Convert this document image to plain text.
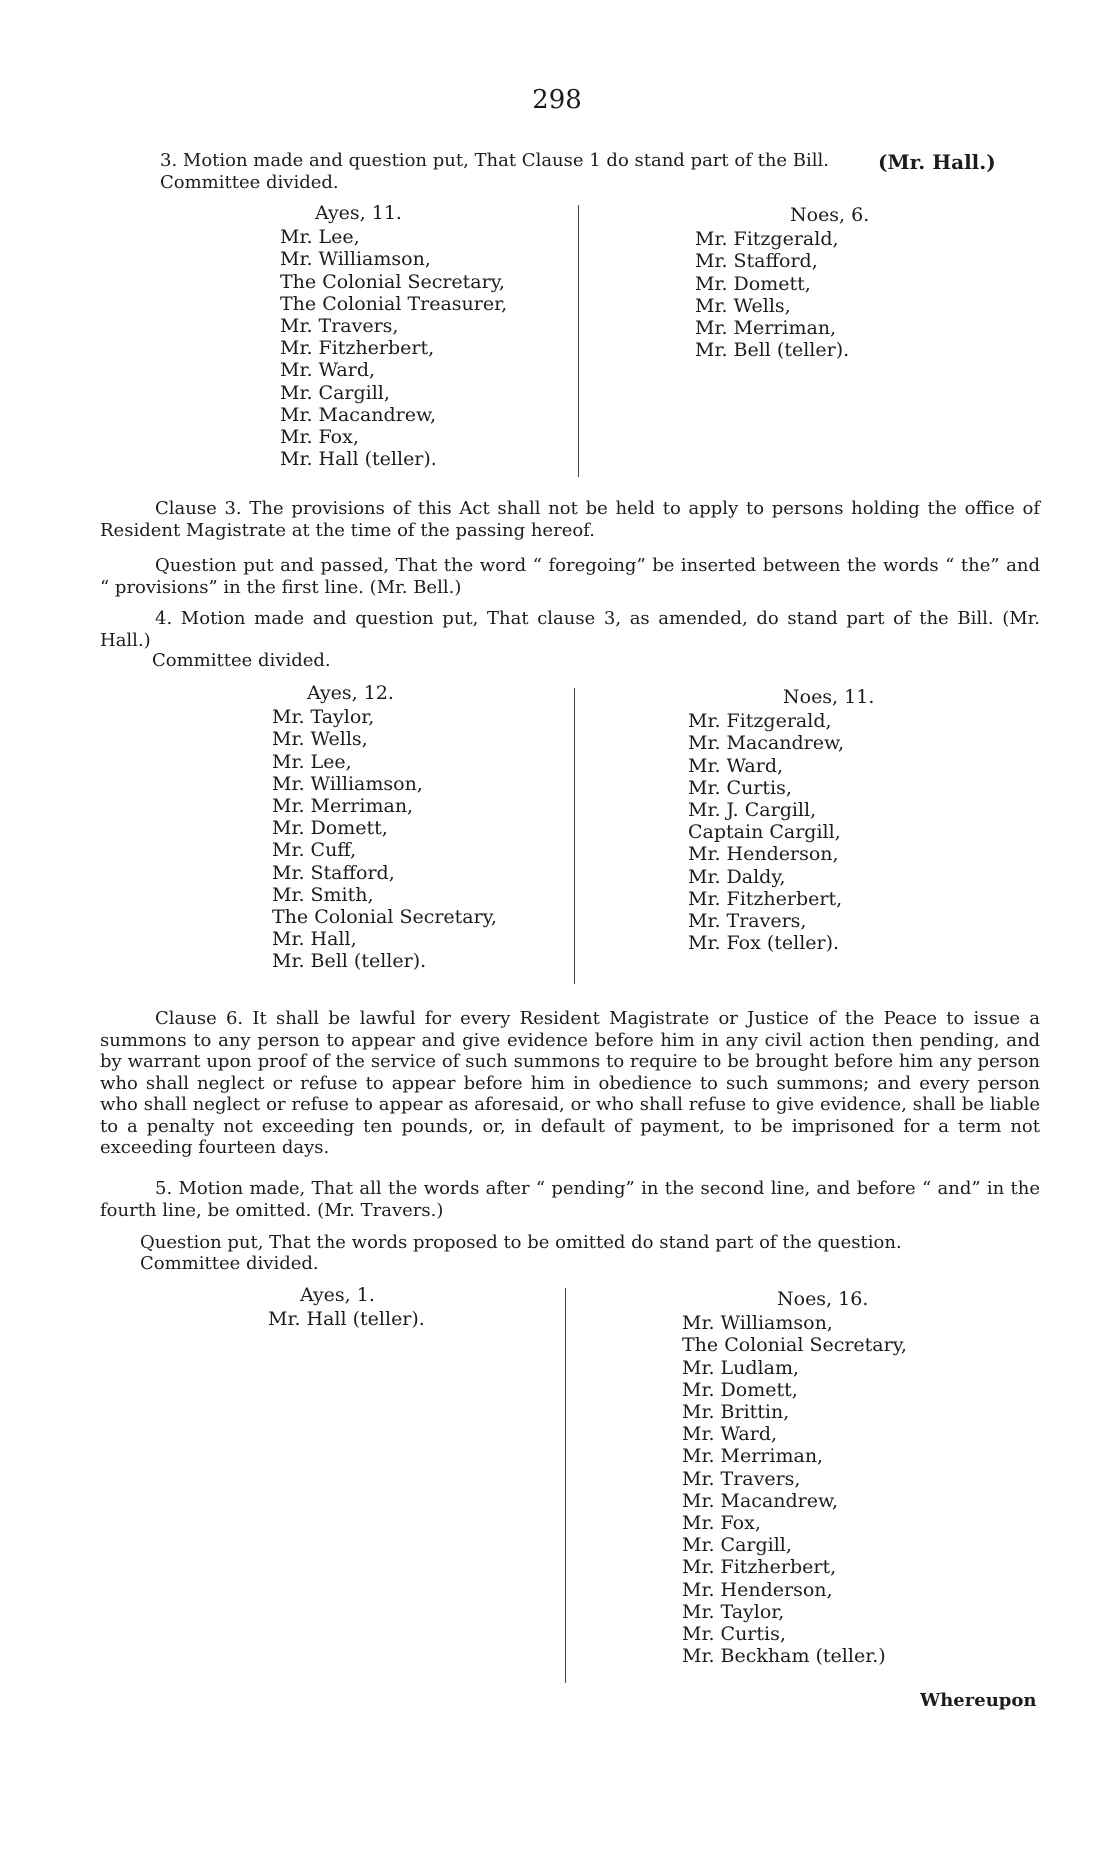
298
3. Motion made and question put, That Clause 1 do stand part of the Bill.	(Mr. Hall.)
Committee divided.
Ayes, 11.
Mr. Lee,
Mr. Williamson,
The Colonial Secretary,
The Colonial Treasurer,
Mr. Travers,
Mr. Fitzherbert,
Mr. Ward,
Mr. Cargill,
Mr. Macandrew,
Mr. Fox,
Mr. Hall (teller).
Noes, 6.
Mr. Fitzgerald,
Mr. Stafford,
Mr. Domett,
Mr. Wells,
Mr. Merriman,
Mr. Bell (teller).
Clause 3. The provisions of this Act shall not be held to apply to persons holding the office of Resident Magistrate at the time of the passing hereof.
Question put and passed, That the word “ foregoing” be inserted between the words “ the” and “ provisions” in the first line. (Mr. Bell.)
4. Motion made and question put, That clause 3, as amended, do stand part of the Bill. (Mr. Hall.)
Committee divided.
Ayes, 12.
Mr. Taylor,
Mr. Wells,
Mr. Lee,
Mr. Williamson,
Mr. Merriman,
Mr. Domett,
Mr. Cuff,
Mr. Stafford,
Mr. Smith,
The Colonial Secretary,
Mr. Hall,
Mr. Bell (teller).
Noes, 11.
Mr. Fitzgerald,
Mr. Macandrew,
Mr. Ward,
Mr. Curtis,
Mr. J. Cargill,
Captain Cargill,
Mr. Henderson,
Mr. Daldy,
Mr. Fitzherbert,
Mr. Travers,
Mr. Fox (teller).
Clause 6. It shall be lawful for every Resident Magistrate or Justice of the Peace to issue a summons to any person to appear and give evidence before him in any civil action then pending, and by warrant upon proof of the service of such summons to require to be brought before him any person who shall neglect or refuse to appear before him in obedience to such summons; and every person who shall neglect or refuse to appear as aforesaid, or who shall refuse to give evidence, shall be liable to a penalty not exceeding ten pounds, or, in default of payment, to be imprisoned for a term not exceeding fourteen days.
5. Motion made, That all the words after “ pending” in the second line, and before “ and” in the fourth line, be omitted. (Mr. Travers.)
Question put, That the words proposed to be omitted do stand part of the question.
Committee divided.
Ayes, 1.
Mr. Hall (teller).
Noes, 16.
Mr. Williamson,
The Colonial Secretary,
Mr. Ludlam,
Mr. Domett,
Mr. Brittin,
Mr. Ward,
Mr. Merriman,
Mr. Travers,
Mr. Macandrew,
Mr. Fox,
Mr. Cargill,
Mr. Fitzherbert,
Mr. Henderson,
Mr. Taylor,
Mr. Curtis,
Mr. Beckham (teller.)
Whereupon
